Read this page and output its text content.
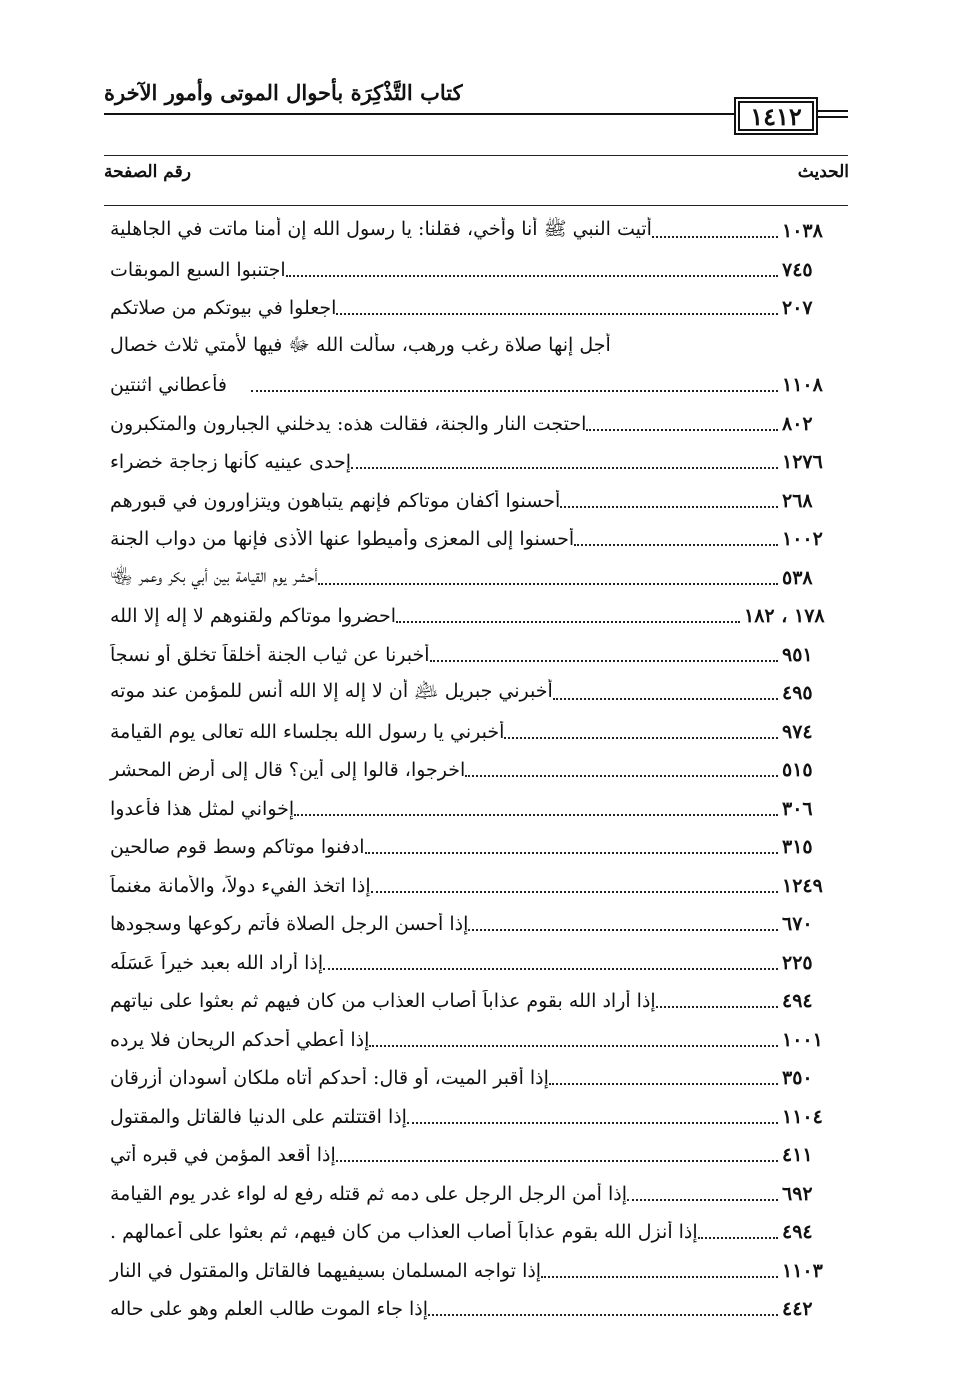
كتاب التَّذْكِرَة بأحوال الموتى وأمور الآخرة
١٤١٢
الحديث
رقم الصفحة
أتيت النبي ﷺ أنا وأخي، فقلنا: يا رسول الله إن أمنا ماتت في الجاهلية	١٠٣٨
اجتنبوا السبع الموبقات	٧٤٥
اجعلوا في بيوتكم من صلاتكم	٢٠٧
أجل إنها صلاة رغب ورهب، سألت الله ﷻ فيها لأمتي ثلاث خصال
فأعطاني اثنتين	١١٠٨
احتجت النار والجنة، فقالت هذه: يدخلني الجبارون والمتكبرون	٨٠٢
إحدى عينيه كأنها زجاجة خضراء	١٢٧٦
أحسنوا أكفان موتاكم فإنهم يتباهون ويتزاورون في قبورهم	٢٦٨
أحسنوا إلى المعزى وأميطوا عنها الأذى فإنها من دواب الجنة	١٠٠٢
أحشر يوم القيامة بين أبي بكر وعمر ﵄	٥٣٨
احضروا موتاكم ولقنوهم لا إله إلا الله	١٧٨ ، ١٨٢
أخبرنا عن ثياب الجنة أخلقاً تخلق أو نسجاً	٩٥١
أخبرني جبريل ﵇ أن لا إله إلا الله أنس للمؤمن عند موته	٤٩٥
أخبرني يا رسول الله بجلساء الله تعالى يوم القيامة	٩٧٤
اخرجوا، قالوا إلى أين؟ قال إلى أرض المحشر	٥١٥
إخواني لمثل هذا فأعدوا	٣٠٦
ادفنوا موتاكم وسط قوم صالحين	٣١٥
إذا اتخذ الفيء دولاً، والأمانة مغنماً	١٢٤٩
إذا أحسن الرجل الصلاة فأتم ركوعها وسجودها	٦٧٠
إذا أراد الله بعبد خيراً عَسَلَه	٢٢٥
إذا أراد الله بقوم عذاباً أصاب العذاب من كان فيهم ثم بعثوا على نياتهم	٤٩٤
إذا أعطي أحدكم الريحان فلا يرده	١٠٠١
إذا أقبر الميت، أو قال: أحدكم أتاه ملكان أسودان أزرقان	٣٥٠
إذا اقتتلتم على الدنيا فالقاتل والمقتول	١١٠٤
إذا أقعد المؤمن في قبره أتي	٤١١
إذا أمن الرجل الرجل على دمه ثم قتله رفع له لواء غدر يوم القيامة	٦٩٢
إذا أنزل الله بقوم عذاباً أصاب العذاب من كان فيهم، ثم بعثوا على أعمالهم .	٤٩٤
إذا تواجه المسلمان بسيفيهما فالقاتل والمقتول في النار	١١٠٣
إذا جاء الموت طالب العلم وهو على حاله	٤٤٢
